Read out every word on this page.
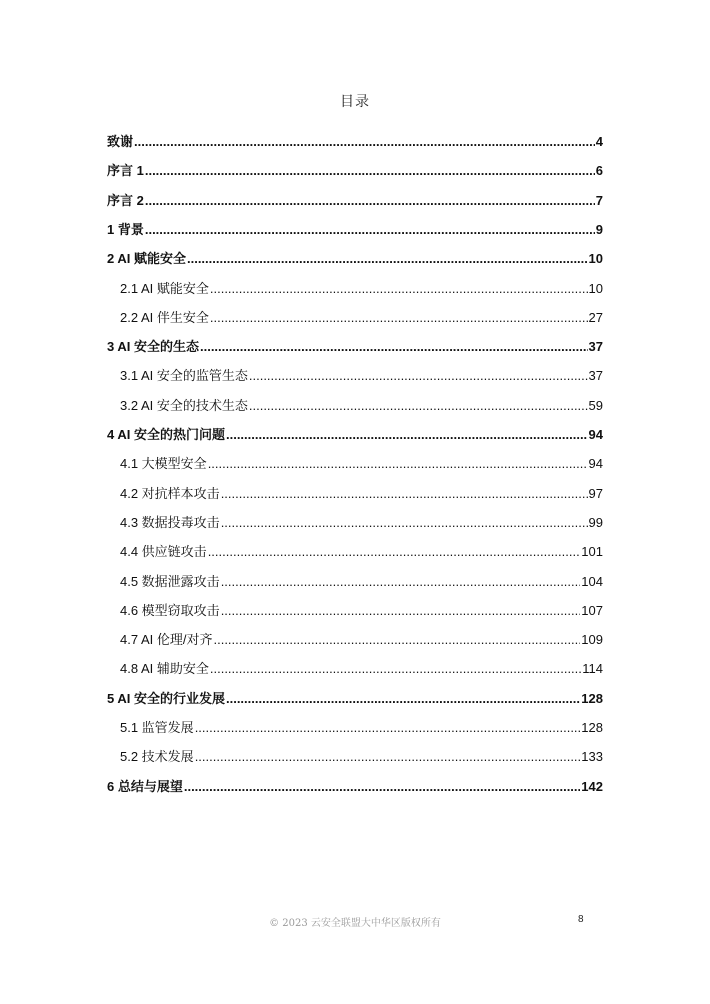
目录
致谢 .....	4
序言 1 .....	6
序言 2 .....	7
1 背景 .....	9
2 AI 赋能安全 .....	10
2.1 AI 赋能安全 .....	10
2.2 AI 伴生安全 .....	27
3 AI 安全的生态 .....	37
3.1 AI 安全的监管生态 .....	37
3.2 AI 安全的技术生态 .....	59
4 AI 安全的热门问题 .....	94
4.1 大模型安全 .....	94
4.2 对抗样本攻击 .....	97
4.3 数据投毒攻击 .....	99
4.4 供应链攻击 .....	101
4.5 数据泄露攻击 .....	104
4.6 模型窃取攻击 .....	107
4.7 AI 伦理/对齐 .....	109
4.8 AI 辅助安全 .....	114
5 AI 安全的行业发展 .....	128
5.1 监管发展 .....	128
5.2 技术发展 .....	133
6 总结与展望 .....	142
© 2023 云安全联盟大中华区版权所有	8
